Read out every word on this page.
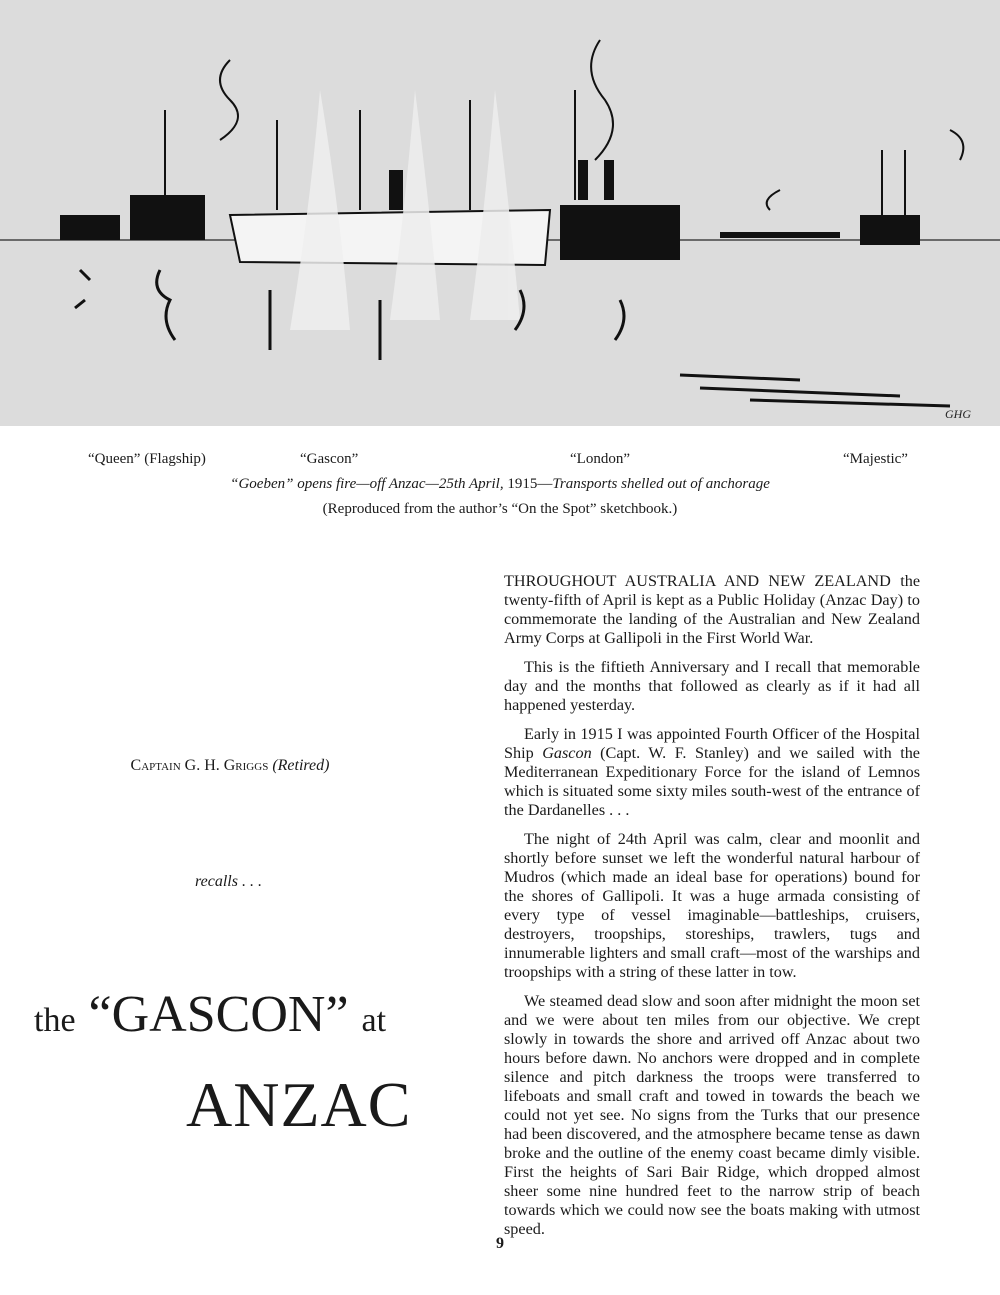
GHG
“Queen” (Flagship)	“Gascon”	“London”	“Majestic”
“Goeben” opens fire—off Anzac—25th April, 1915—Transports shelled out of anchorage
(Reproduced from the author’s “On the Spot” sketchbook.)
Captain G. H. Griggs (Retired)
recalls . . .
the “GASCON” at
ANZAC

THROUGHOUT AUSTRALIA AND NEW ZEALAND the twenty-fifth of April is kept as a Public Holiday (Anzac Day) to commemorate the landing of the Australian and New Zealand Army Corps at Gallipoli in the First World War.

This is the fiftieth Anniversary and I recall that memorable day and the months that followed as clearly as if it had all happened yesterday.

Early in 1915 I was appointed Fourth Officer of the Hospital Ship Gascon (Capt. W. F. Stanley) and we sailed with the Mediterranean Expeditionary Force for the island of Lemnos which is situated some sixty miles south-west of the entrance of the Dardanelles . . .

The night of 24th April was calm, clear and moonlit and shortly before sunset we left the wonderful natural harbour of Mudros (which made an ideal base for operations) bound for the shores of Gallipoli. It was a huge armada consisting of every type of vessel imaginable—battleships, cruisers, destroyers, troopships, storeships, trawlers, tugs and innumerable lighters and small craft—most of the warships and troopships with a string of these latter in tow.

We steamed dead slow and soon after midnight the moon set and we were about ten miles from our objective. We crept slowly in towards the shore and arrived off Anzac about two hours before dawn. No anchors were dropped and in complete silence and pitch darkness the troops were transferred to lifeboats and small craft and towed in towards the beach we could not yet see. No signs from the Turks that our presence had been discovered, and the atmosphere became tense as dawn broke and the outline of the enemy coast became dimly visible. First the heights of Sari Bair Ridge, which dropped almost sheer some nine hundred feet to the narrow strip of beach towards which we could now see the boats making with utmost speed.

9
